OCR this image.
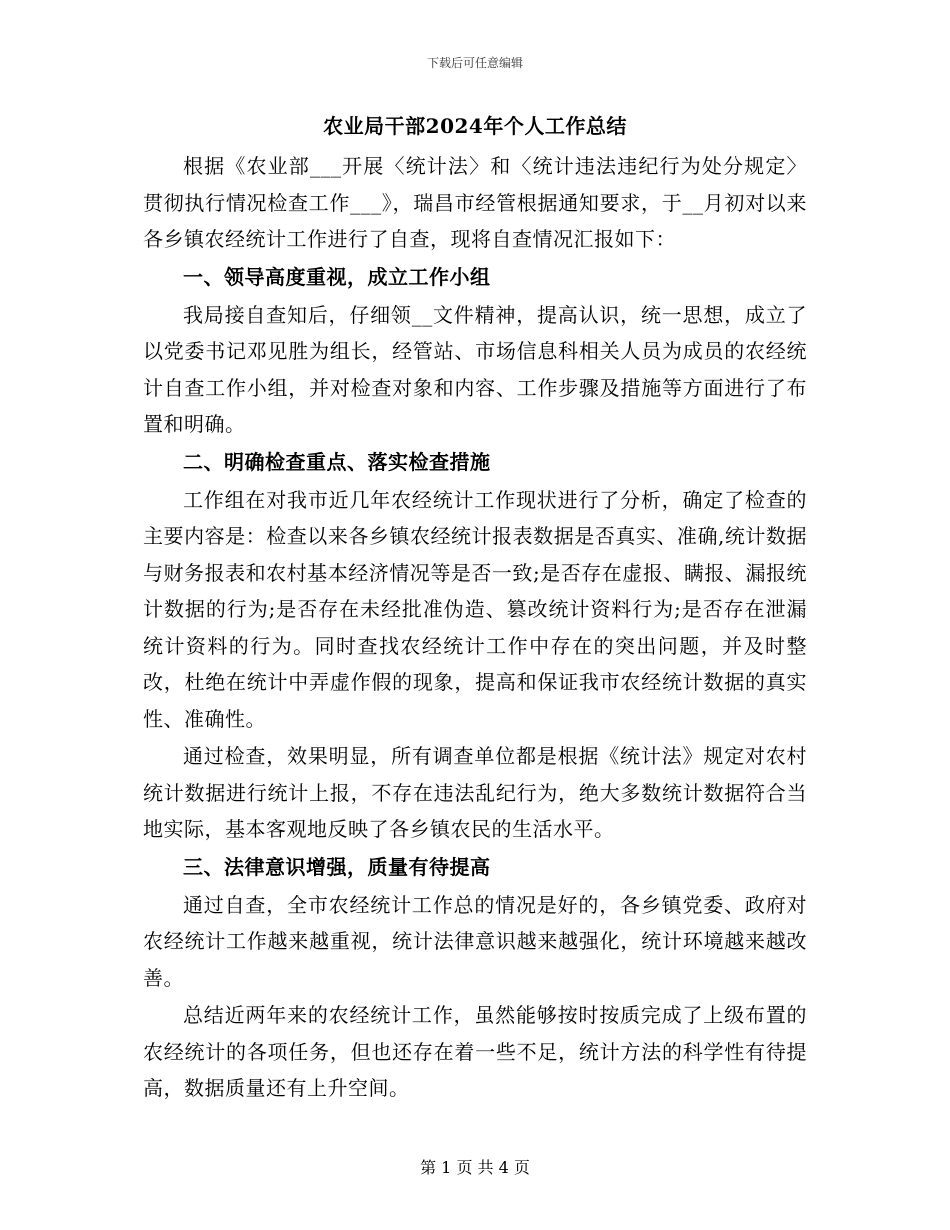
下载后可任意编辑
农业局干部2024年个人工作总结

根据《农业部___开展〈统计法〉和〈统计违法违纪行为处分规定〉贯彻执行情况检查工作___》，瑞昌市经管根据通知要求，于__月初对以来各乡镇农经统计工作进行了自查，现将自查情况汇报如下：

一、领导高度重视，成立工作小组

我局接自查知后，仔细领__文件精神，提高认识，统一思想，成立了以党委书记邓见胜为组长，经管站、市场信息科相关人员为成员的农经统计自查工作小组，并对检查对象和内容、工作步骤及措施等方面进行了布置和明确。

二、明确检查重点、落实检查措施

工作组在对我市近几年农经统计工作现状进行了分析，确定了检查的主要内容是：检查以来各乡镇农经统计报表数据是否真实、准确,统计数据与财务报表和农村基本经济情况等是否一致;是否存在虚报、瞒报、漏报统计数据的行为;是否存在未经批准伪造、篡改统计资料行为;是否存在泄漏统计资料的行为。同时查找农经统计工作中存在的突出问题，并及时整改，杜绝在统计中弄虚作假的现象，提高和保证我市农经统计数据的真实性、准确性。

通过检查，效果明显，所有调查单位都是根据《统计法》规定对农村统计数据进行统计上报，不存在违法乱纪行为，绝大多数统计数据符合当地实际，基本客观地反映了各乡镇农民的生活水平。

三、法律意识增强，质量有待提高

通过自查，全市农经统计工作总的情况是好的，各乡镇党委、政府对农经统计工作越来越重视，统计法律意识越来越强化，统计环境越来越改善。

总结近两年来的农经统计工作，虽然能够按时按质完成了上级布置的农经统计的各项任务，但也还存在着一些不足，统计方法的科学性有待提高，数据质量还有上升空间。

第 1 页 共 4 页
